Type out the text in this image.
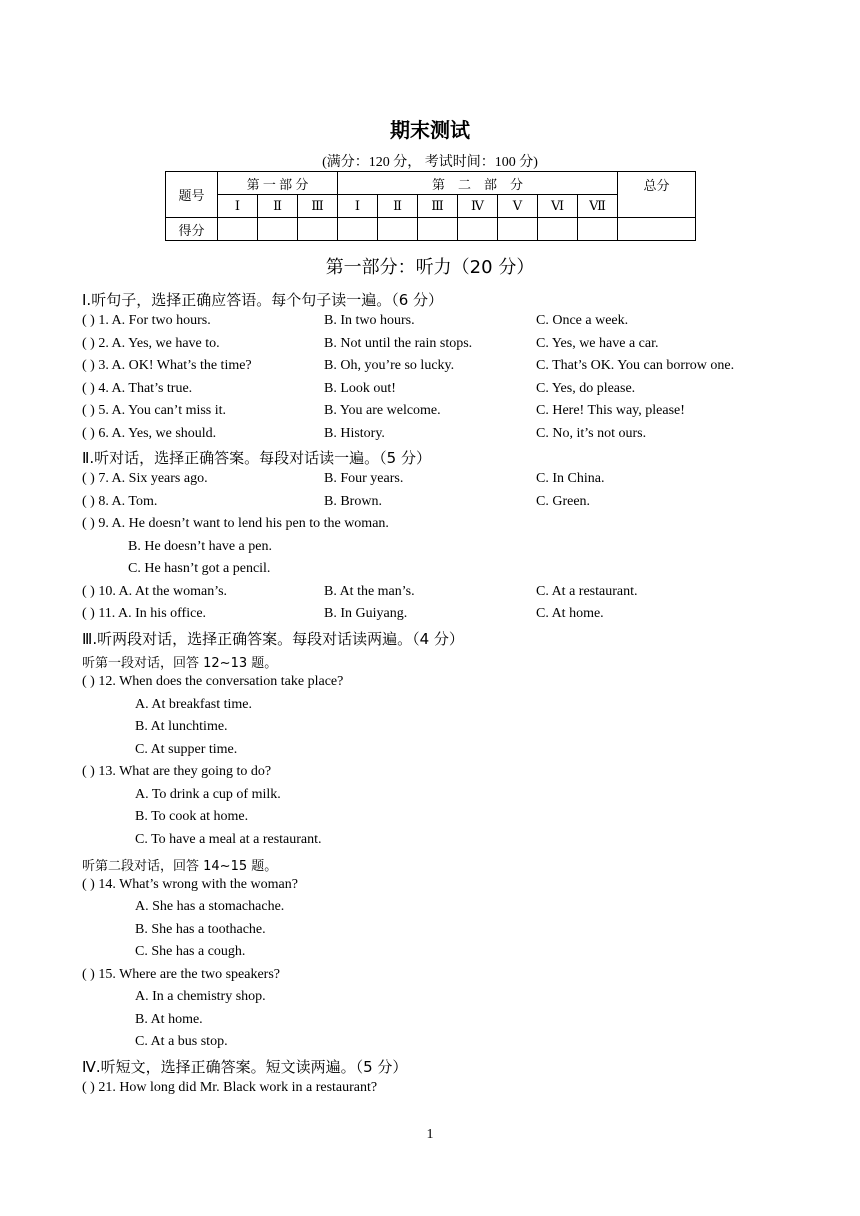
期末测试
(满分：120 分， 考试时间：100 分)
题号	第 一 部 分			第　二　部　分							总分
	Ⅰ	Ⅱ	Ⅲ	Ⅰ	Ⅱ	Ⅲ	Ⅳ	Ⅴ	Ⅵ	Ⅶ	
得分											
第一部分：听力（20 分）
Ⅰ.听句子，选择正确应答语。每个句子读一遍。（6 分）
( ) 1. A. For two hours.	B. In two hours.	C. Once a week.
( ) 2. A. Yes, we have to.	B. Not until the rain stops.	C. Yes, we have a car.
( ) 3. A. OK! What’s the time?	B. Oh, you’re so lucky.	C. That’s OK. You can borrow one.
( ) 4. A. That’s true.	B. Look out!	C. Yes, do please.
( ) 5. A. You can’t miss it.	B. You are welcome.	C. Here! This way, please!
( ) 6. A. Yes, we should.	B. History.	C. No, it’s not ours.
Ⅱ.听对话，选择正确答案。每段对话读一遍。（5 分）
( ) 7. A. Six years ago.	B. Four years.	C. In China.
( ) 8. A. Tom.	B. Brown.	C. Green.
( ) 9. A. He doesn’t want to lend his pen to the woman.
B. He doesn’t have a pen.
C. He hasn’t got a pencil.
( ) 10. A. At the woman’s.	B. At the man’s.	C. At a restaurant.
( ) 11. A. In his office.	B. In Guiyang.	C. At home.
Ⅲ.听两段对话，选择正确答案。每段对话读两遍。（4 分）
听第一段对话，回答 12~13 题。
( ) 12. When does the conversation take place?
A. At breakfast time.
B. At lunchtime.
C. At supper time.
( ) 13. What are they going to do?
A. To drink a cup of milk.
B. To cook at home.
C. To have a meal at a restaurant.
听第二段对话，回答 14~15 题。
( ) 14. What’s wrong with the woman?
A. She has a stomachache.
B. She has a toothache.
C. She has a cough.
( ) 15. Where are the two speakers?
A. In a chemistry shop.
B. At home.
C. At a bus stop.
Ⅳ.听短文，选择正确答案。短文读两遍。（5 分）
( ) 21. How long did Mr. Black work in a restaurant?
1
